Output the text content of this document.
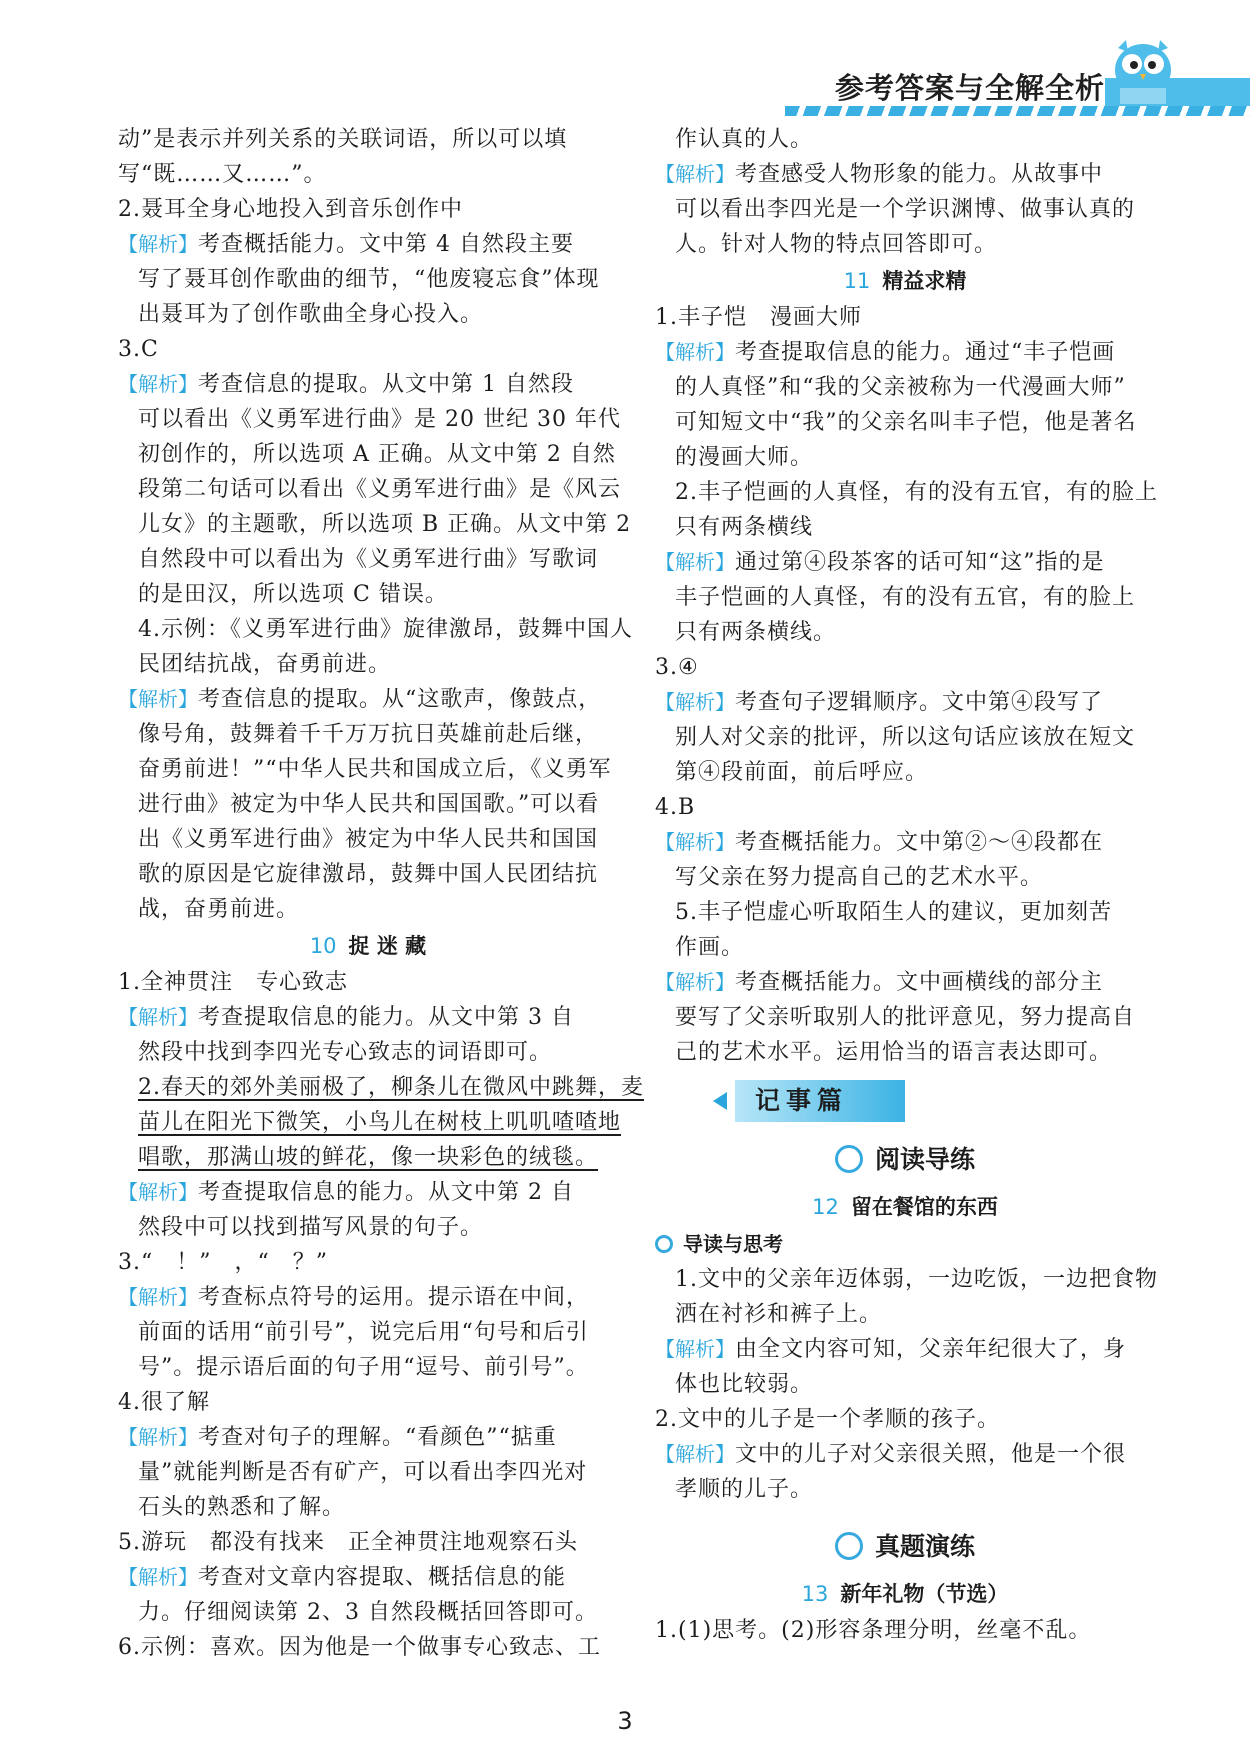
参考答案与全解全析
动”是表示并列关系的关联词语，所以可以填
写“既……又……”。
2.聂耳全身心地投入到音乐创作中
【解析】考查概括能力。文中第 4 自然段主要
写了聂耳创作歌曲的细节，“他废寝忘食”体现
出聂耳为了创作歌曲全身心投入。
3.C
【解析】考查信息的提取。从文中第 1 自然段
可以看出《义勇军进行曲》是 20 世纪 30 年代
初创作的，所以选项 A 正确。从文中第 2 自然
段第二句话可以看出《义勇军进行曲》是《风云
儿女》的主题歌，所以选项 B 正确。从文中第 2
自然段中可以看出为《义勇军进行曲》写歌词
的是田汉，所以选项 C 错误。
4.示例：《义勇军进行曲》旋律激昂，鼓舞中国人
民团结抗战，奋勇前进。
【解析】考查信息的提取。从“这歌声，像鼓点，
像号角，鼓舞着千千万万抗日英雄前赴后继，
奋勇前进！”“中华人民共和国成立后，《义勇军
进行曲》被定为中华人民共和国国歌。”可以看
出《义勇军进行曲》被定为中华人民共和国国
歌的原因是它旋律激昂，鼓舞中国人民团结抗
战，奋勇前进。
10 捉 迷 藏
1.全神贯注　专心致志
【解析】考查提取信息的能力。从文中第 3 自
然段中找到李四光专心致志的词语即可。
2.春天的郊外美丽极了，柳条儿在微风中跳舞，麦
苗儿在阳光下微笑，小鸟儿在树枝上叽叽喳喳地
唱歌，那满山坡的鲜花，像一块彩色的绒毯。
【解析】考查提取信息的能力。从文中第 2 自
然段中可以找到描写风景的句子。
3.“　！”　，“　？”
【解析】考查标点符号的运用。提示语在中间，
前面的话用“前引号”，说完后用“句号和后引
号”。提示语后面的句子用“逗号、前引号”。
4.很了解
【解析】考查对句子的理解。“看颜色”“掂重
量”就能判断是否有矿产，可以看出李四光对
石头的熟悉和了解。
5.游玩　都没有找来　正全神贯注地观察石头
【解析】考查对文章内容提取、概括信息的能
力。仔细阅读第 2、3 自然段概括回答即可。
6.示例：喜欢。因为他是一个做事专心致志、工
作认真的人。
【解析】考查感受人物形象的能力。从故事中
可以看出李四光是一个学识渊博、做事认真的
人。针对人物的特点回答即可。
11 精益求精
1.丰子恺　漫画大师
【解析】考查提取信息的能力。通过“丰子恺画
的人真怪”和“我的父亲被称为一代漫画大师”
可知短文中“我”的父亲名叫丰子恺，他是著名
的漫画大师。
2.丰子恺画的人真怪，有的没有五官，有的脸上
只有两条横线
【解析】通过第④段茶客的话可知“这”指的是
丰子恺画的人真怪，有的没有五官，有的脸上
只有两条横线。
3.④
【解析】考查句子逻辑顺序。文中第④段写了
别人对父亲的批评，所以这句话应该放在短文
第④段前面，前后呼应。
4.B
【解析】考查概括能力。文中第②～④段都在
写父亲在努力提高自己的艺术水平。
5.丰子恺虚心听取陌生人的建议，更加刻苦
作画。
【解析】考查概括能力。文中画横线的部分主
要写了父亲听取别人的批评意见，努力提高自
己的艺术水平。运用恰当的语言表达即可。
记事篇
阅读导练
12 留在餐馆的东西
导读与思考
1.文中的父亲年迈体弱，一边吃饭，一边把食物
洒在衬衫和裤子上。
【解析】由全文内容可知，父亲年纪很大了，身
体也比较弱。
2.文中的儿子是一个孝顺的孩子。
【解析】文中的儿子对父亲很关照，他是一个很
孝顺的儿子。
真题演练
13 新年礼物（节选）
1.(1)思考。(2)形容条理分明，丝毫不乱。
3
